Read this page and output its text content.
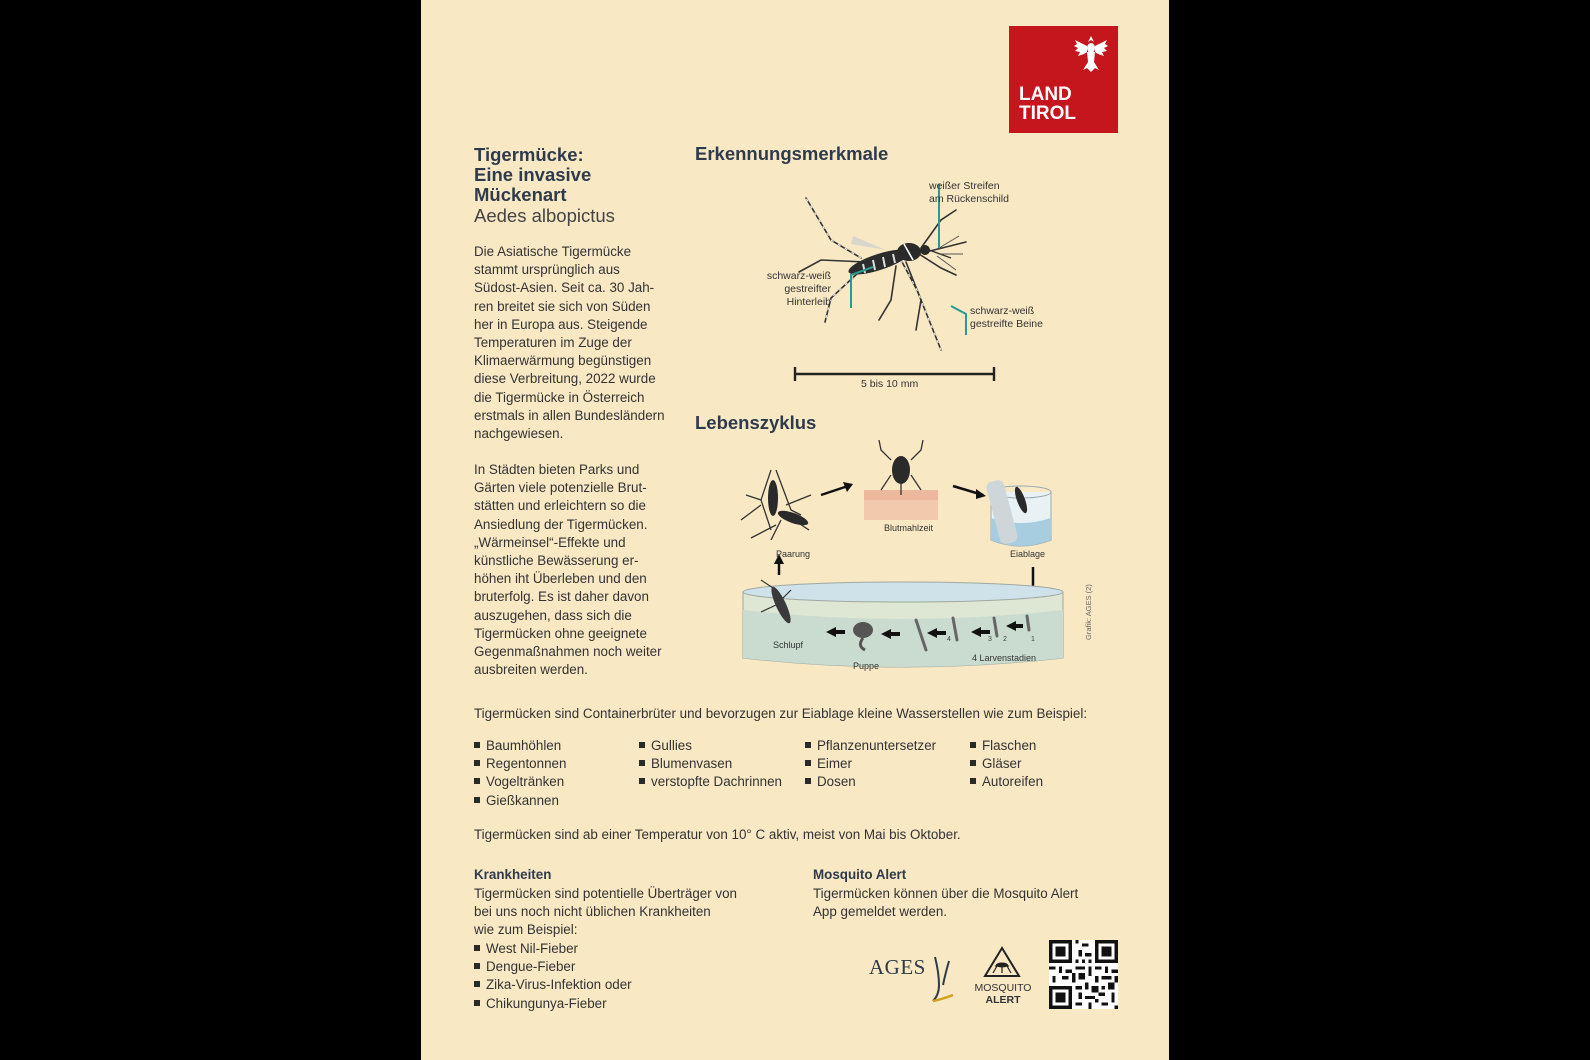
LAND
TIROL
Tigermücke:
Eine invasive
Mückenart
Aedes albopictus
Die Asiatische Tigermücke
stammt ursprünglich aus
Südost-Asien. Seit ca. 30 Jah-
ren breitet sie sich von Süden
her in Europa aus. Steigende
Temperaturen im Zuge der
Klimaerwärmung begünstigen
diese Verbreitung, 2022 wurde
die Tigermücke in Österreich
erstmals in allen Bundesländern
nachgewiesen.
In Städten bieten Parks und
Gärten viele potenzielle Brut-
stätten und erleichtern so die
Ansiedlung der Tigermücken.
„Wärmeinsel“-Effekte und
künstliche Bewässerung er-
höhen iht Überleben und den
bruterfolg. Es ist daher davon
auszugehen, dass sich die
Tigermücken ohne geeignete
Gegenmaßnahmen noch weiter
ausbreiten werden.
Erkennungsmerkmale
weißer Streifen
am Rückenschild
schwarz-weiß
gestreifter
Hinterleib
schwarz-weiß
gestreifte Beine
5 bis 10 mm
Lebenszyklus
Paarung
Blutmahlzeit
Eiablage
Schlupf
Puppe
4 Larvenstadien
4	3 2	1	Grafik: AGES (2)
Tigermücken sind Containerbrüter und bevorzugen zur Eiablage kleine Wasserstellen wie zum Beispiel:
Baumhöhlen
Regentonnen
Vogeltränken
Gießkannen
Gullies
Blumenvasen
verstopfte Dachrinnen
Pflanzenuntersetzer
Eimer
Dosen
Flaschen
Gläser
Autoreifen
Tigermücken sind ab einer Temperatur von 10° C aktiv, meist von Mai bis Oktober.
Krankheiten
Tigermücken sind potentielle Überträger von
bei uns noch nicht üblichen Krankheiten
wie zum Beispiel:
West Nil-Fieber
Dengue-Fieber
Zika-Virus-Infektion oder
Chikungunya-Fieber
Mosquito Alert
Tigermücken können über die Mosquito Alert
App gemeldet werden.
AGES
MOSQUITO
ALERT
